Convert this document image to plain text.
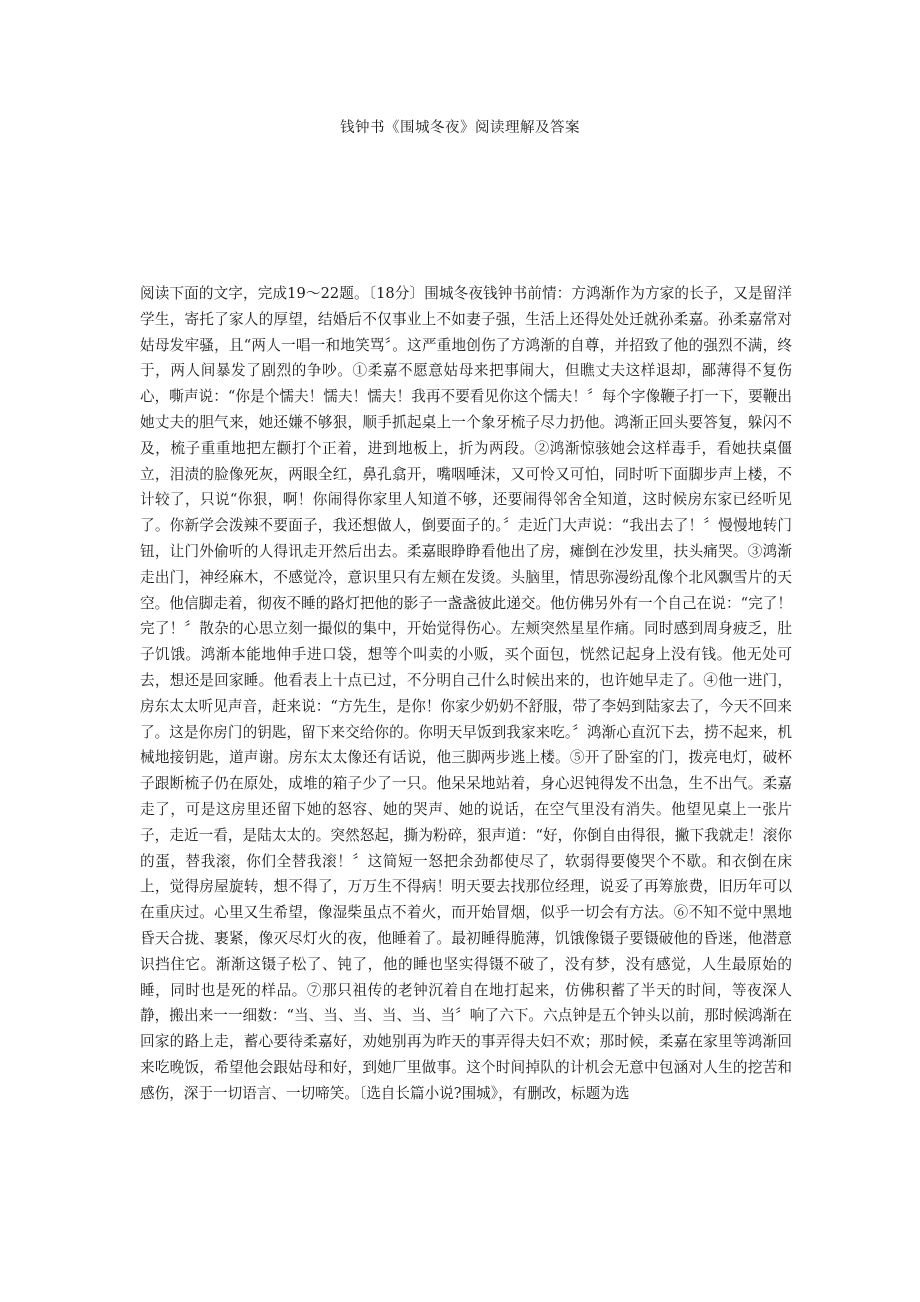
钱钟书《围城冬夜》阅读理解及答案

阅读下面的文字，完成19～22题。〔18分〕围城冬夜钱钟书前情：方鸿渐作为方家的长子，又是留洋学生，寄托了家人的厚望，结婚后不仅事业上不如妻子强，生活上还得处处迁就孙柔嘉。孙柔嘉常对姑母发牢骚，且“两人一唱一和地笑骂〞。这严重地创伤了方鸿渐的自尊，并招致了他的强烈不满，终于，两人间暴发了剧烈的争吵。①柔嘉不愿意姑母来把事闹大，但瞧丈夫这样退却，鄙薄得不复伤心，嘶声说：“你是个懦夫！懦夫！懦夫！我再不要看见你这个懦夫！〞每个字像鞭子打一下，要鞭出她丈夫的胆气来，她还嫌不够狠，顺手抓起桌上一个象牙梳子尽力扔他。鸿渐正回头要答复，躲闪不及，梳子重重地把左颧打个正着，进到地板上，折为两段。②鸿渐惊骇她会这样毒手，看她扶桌僵立，泪渍的脸像死灰，两眼全红，鼻孔翕开，嘴咽唾沫，又可怜又可怕，同时听下面脚步声上楼，不计较了，只说“你狠，啊！你闹得你家里人知道不够，还要闹得邻舍全知道，这时候房东家已经听见了。你新学会泼辣不要面子，我还想做人，倒要面子的。〞走近门大声说：“我出去了！〞慢慢地转门钮，让门外偷听的人得讯走开然后出去。柔嘉眼睁睁看他出了房，瘫倒在沙发里，扶头痛哭。③鸿渐走出门，神经麻木，不感觉冷，意识里只有左颊在发烫。头脑里，情思弥漫纷乱像个北风飘雪片的天空。他信脚走着，彻夜不睡的路灯把他的影子一盏盏彼此递交。他仿佛另外有一个自己在说：“完了！完了！〞散杂的心思立刻一撮似的集中，开始觉得伤心。左颊突然星星作痛。同时感到周身疲乏，肚子饥饿。鸿渐本能地伸手进口袋，想等个叫卖的小贩，买个面包，恍然记起身上没有钱。他无处可去，想还是回家睡。他看表上十点已过，不分明自己什么时候出来的，也许她早走了。④他一进门，房东太太听见声音，赶来说：“方先生，是你！你家少奶奶不舒服，带了李妈到陆家去了，今天不回来了。这是你房门的钥匙，留下来交给你的。你明天早饭到我家来吃。〞鸿渐心直沉下去，捞不起来，机械地接钥匙，道声谢。房东太太像还有话说，他三脚两步逃上楼。⑤开了卧室的门，拨亮电灯，破杯子跟断梳子仍在原处，成堆的箱子少了一只。他呆呆地站着，身心迟钝得发不出急，生不出气。柔嘉走了，可是这房里还留下她的怒容、她的哭声、她的说话，在空气里没有消失。他望见桌上一张片子，走近一看，是陆太太的。突然怒起，撕为粉碎，狠声道：“好，你倒自由得很，撇下我就走！滚你的蛋，替我滚，你们全替我滚！〞这简短一怒把余劲都使尽了，软弱得要傻哭个不歇。和衣倒在床上，觉得房屋旋转，想不得了，万万生不得病！明天要去找那位经理，说妥了再筹旅费，旧历年可以在重庆过。心里又生希望，像湿柴虽点不着火，而开始冒烟，似乎一切会有方法。⑥不知不觉中黑地昏天合拢、裹紧，像灭尽灯火的夜，他睡着了。最初睡得脆薄，饥饿像镊子要镊破他的昏迷，他潜意识挡住它。渐渐这镊子松了、钝了，他的睡也坚实得镊不破了，没有梦，没有感觉，人生最原始的睡，同时也是死的样品。⑦那只祖传的老钟沉着自在地打起来，仿佛积蓄了半天的时间，等夜深人静，搬出来一一细数：“当、当、当、当、当、当〞响了六下。六点钟是五个钟头以前，那时候鸿渐在回家的路上走，蓄心要待柔嘉好，劝她别再为昨天的事弄得夫妇不欢；那时候，柔嘉在家里等鸿渐回来吃晚饭，希望他会跟姑母和好，到她厂里做事。这个时间掉队的计机会无意中包涵对人生的挖苦和感伤，深于一切语言、一切啼笑。〔选自长篇小说?围城》，有删改，标题为选
